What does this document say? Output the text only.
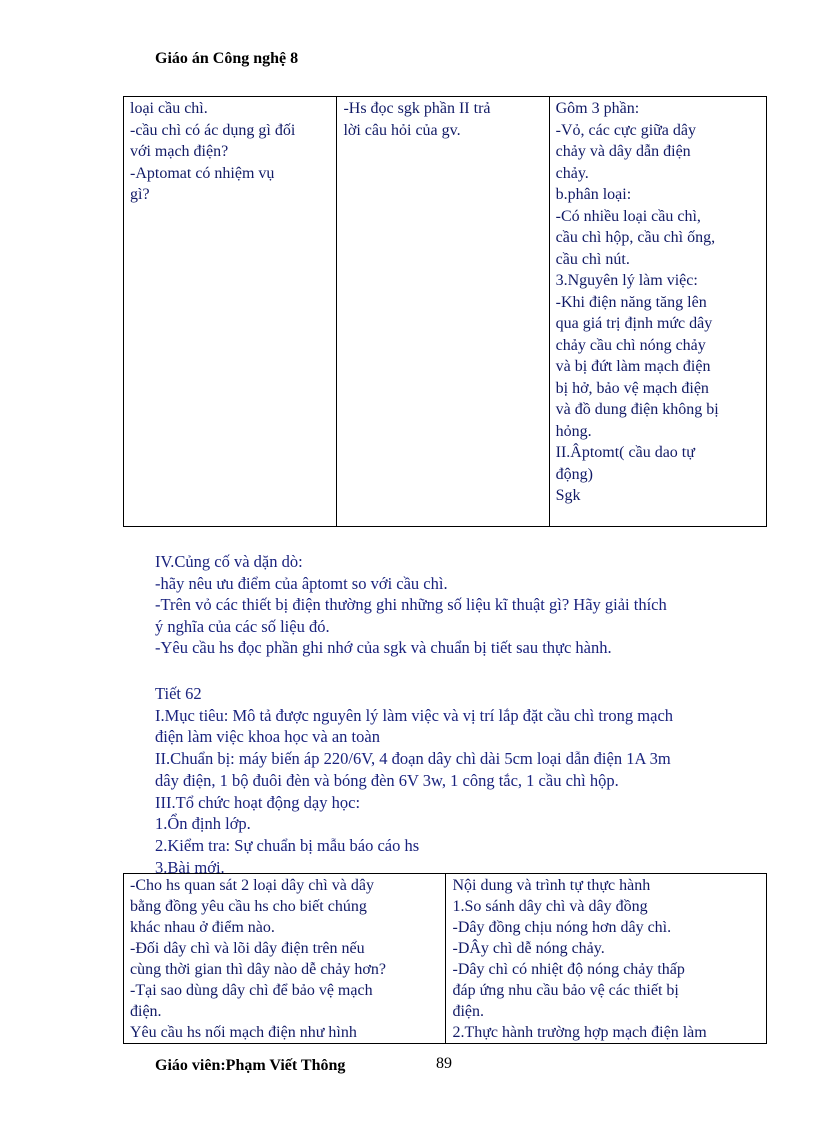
Giáo án Công nghệ 8
loại cầu chì.
-cầu chì có ác dụng gì đối
với mạch điện?
-Aptomat có nhiệm vụ
gì?

-Hs đọc sgk phần II trả
lời câu hỏi của gv.

Gôm 3 phần:
-Vỏ, các cực giữa dây
chảy và dây dẫn điện
chảy.
b.phân loại:
-Có nhiều loại cầu chì,
cầu chì hộp, cầu chì ống,
cầu chì nút.
3.Nguyên lý làm việc:
-Khi điện năng tăng lên
qua giá trị định mức dây
chảy cầu chì nóng chảy
và bị đứt làm mạch điện
bị hở, bảo vệ mạch điện
và đồ dung điện không bị
hỏng.
II.Âptomt( cầu dao tự
động)
Sgk
IV.Củng cố và dặn dò:
-hãy nêu ưu điểm của âptomt so với cầu chì.
-Trên vỏ các thiết bị điện thường ghi những số liệu kĩ thuật gì? Hãy giải thích
ý nghĩa của các số liệu đó.
-Yêu cầu hs đọc phần ghi nhớ của sgk và chuẩn bị tiết sau thực hành.
Tiết 62
I.Mục tiêu: Mô tả được nguyên lý làm việc và vị trí lắp đặt cầu chì trong mạch
điện làm việc khoa học và an toàn
II.Chuẩn bị: máy biến áp 220/6V, 4 đoạn dây chì dài 5cm loại dẫn điện 1A 3m
dây điện, 1 bộ đuôi đèn và bóng đèn 6V 3w, 1 công tắc, 1 cầu chì hộp.
III.Tổ chức hoạt động dạy học:
1.Ổn định lớp.
2.Kiểm tra: Sự chuẩn bị mẫu báo cáo hs
3.Bài mới.
-Cho hs quan sát 2 loại dây chì và dây
bằng đồng yêu cầu hs cho biết chúng
khác nhau ở điểm nào.
-Đối dây chì và lõi dây điện trên nếu
cùng thời gian thì dây nào dễ chảy hơn?
-Tại sao dùng dây chì để bảo vệ mạch
điện.
Yêu cầu hs nối mạch điện như hình

Nội dung và trình tự thực hành
1.So sánh dây chì và dây đồng
-Dây đồng chịu nóng hơn dây chì.
-DÂy chì dễ nóng chảy.
-Dây chì có nhiệt độ nóng chảy thấp
đáp ứng nhu cầu bảo vệ các thiết bị
điện.
2.Thực hành trường hợp mạch điện làm
Giáo viên:Phạm Viết Thông	89
